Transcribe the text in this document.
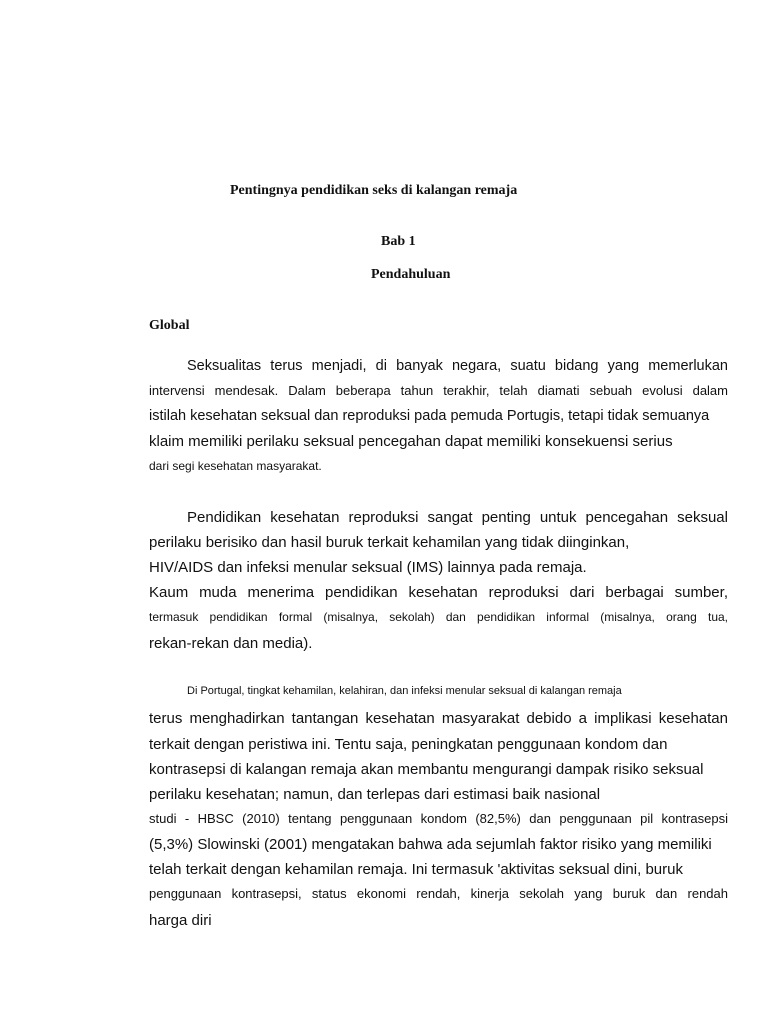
Pentingnya pendidikan seks di kalangan remaja
Bab 1
Pendahuluan
Global
Seksualitas terus menjadi, di banyak negara, suatu bidang yang memerlukan
intervensi mendesak. Dalam beberapa tahun terakhir, telah diamati sebuah evolusi dalam
istilah kesehatan seksual dan reproduksi pada pemuda Portugis, tetapi tidak semuanya
klaim memiliki perilaku seksual pencegahan dapat memiliki konsekuensi serius
dari segi kesehatan masyarakat.
Pendidikan kesehatan reproduksi sangat penting untuk pencegahan seksual
perilaku berisiko dan hasil buruk terkait kehamilan yang tidak diinginkan,
HIV/AIDS dan infeksi menular seksual (IMS) lainnya pada remaja.
Kaum muda menerima pendidikan kesehatan reproduksi dari berbagai sumber,
termasuk pendidikan formal (misalnya, sekolah) dan pendidikan informal (misalnya, orang tua,
rekan-rekan dan media).
Di Portugal, tingkat kehamilan, kelahiran, dan infeksi menular seksual di kalangan remaja
terus menghadirkan tantangan kesehatan masyarakat debido a implikasi kesehatan
terkait dengan peristiwa ini. Tentu saja, peningkatan penggunaan kondom dan
kontrasepsi di kalangan remaja akan membantu mengurangi dampak risiko seksual
perilaku kesehatan; namun, dan terlepas dari estimasi baik nasional
studi - HBSC (2010) tentang penggunaan kondom (82,5%) dan penggunaan pil kontrasepsi
(5,3%) Slowinski (2001) mengatakan bahwa ada sejumlah faktor risiko yang memiliki
telah terkait dengan kehamilan remaja. Ini termasuk 'aktivitas seksual dini, buruk
penggunaan kontrasepsi, status ekonomi rendah, kinerja sekolah yang buruk dan rendah
harga diri
